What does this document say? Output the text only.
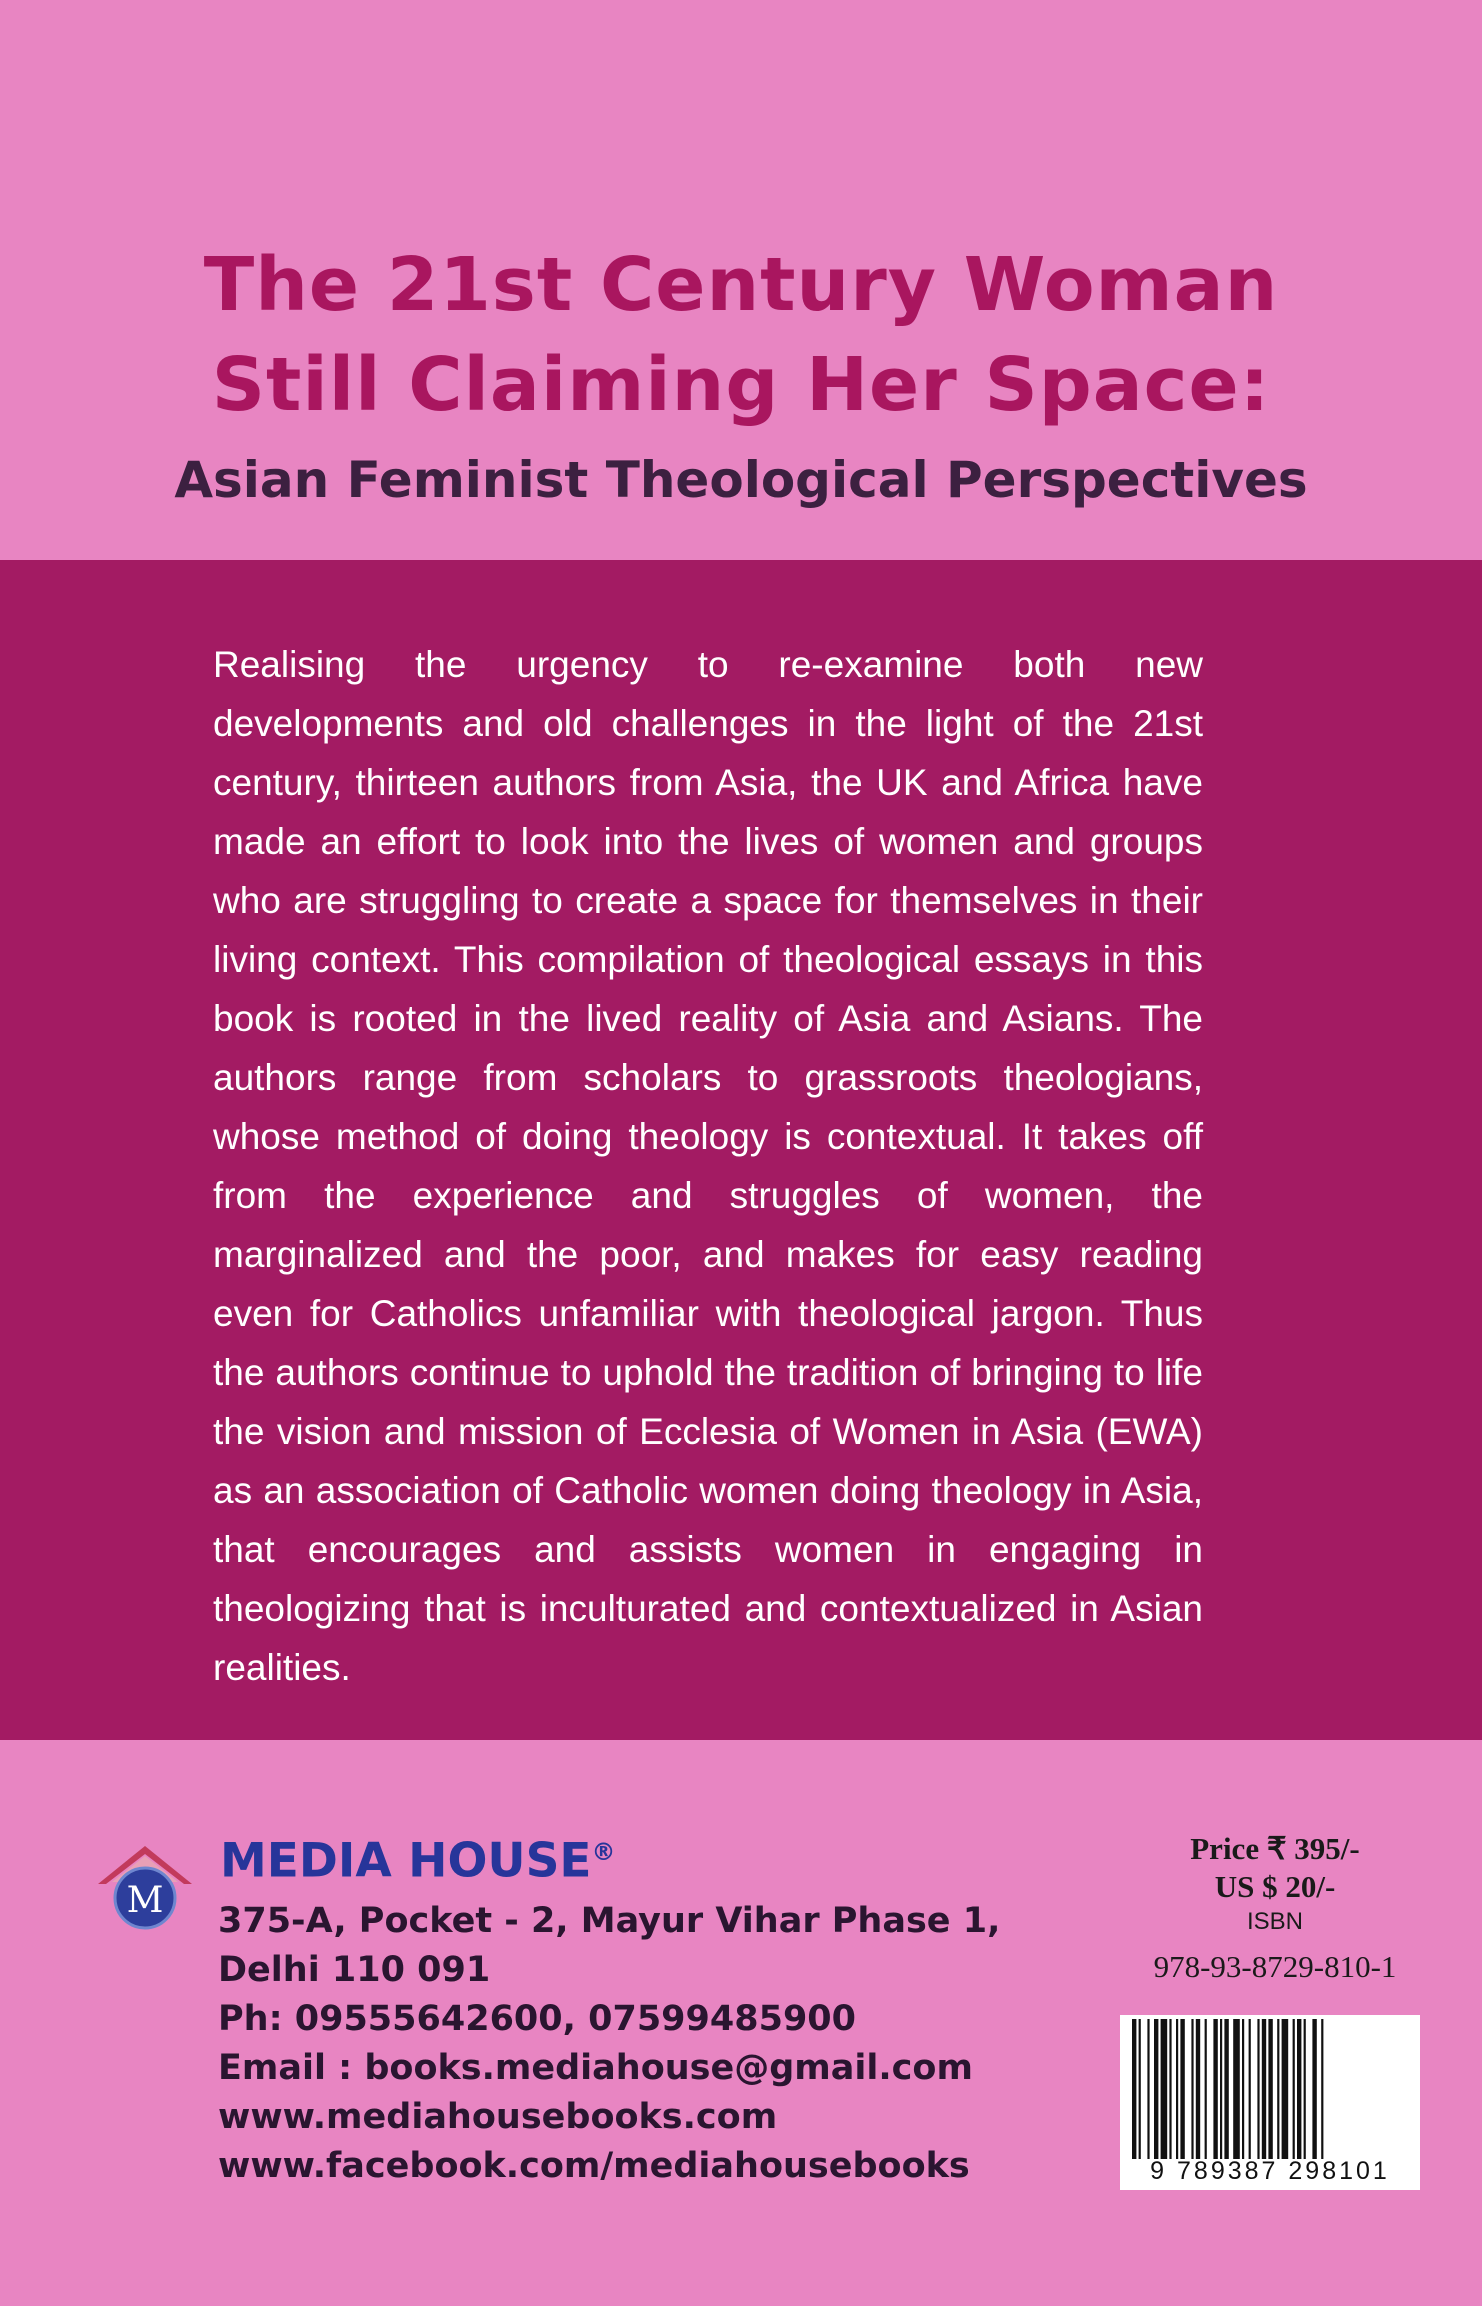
The 21st Century Woman
Still Claiming Her Space:
Asian Feminist Theological Perspectives

Realising the urgency to re-examine both new developments and old challenges in the light of the 21st century, thirteen authors from Asia, the UK and Africa have made an effort to look into the lives of women and groups who are struggling to create a space for themselves in their living context. This compilation of theological essays in this book is rooted in the lived reality of Asia and Asians. The authors range from scholars to grassroots theologians, whose method of doing theology is contextual. It takes off from the experience and struggles of women, the marginalized and the poor, and makes for easy reading even for Catholics unfamiliar with theological jargon. Thus the authors continue to uphold the tradition of bringing to life the vision and mission of Ecclesia of Women in Asia (EWA) as an association of Catholic women doing theology in Asia, that encourages and assists women in engaging in theologizing that is inculturated and contextualized in Asian realities.

M
MEDIA HOUSE®
375-A, Pocket - 2, Mayur Vihar Phase 1,
Delhi 110 091
Ph: 09555642600, 07599485900
Email : books.mediahouse@gmail.com
www.mediahousebooks.com
www.facebook.com/mediahousebooks
Price ₹ 395/-
US $ 20/-
ISBN
978-93-8729-810-1
9 789387 298101
